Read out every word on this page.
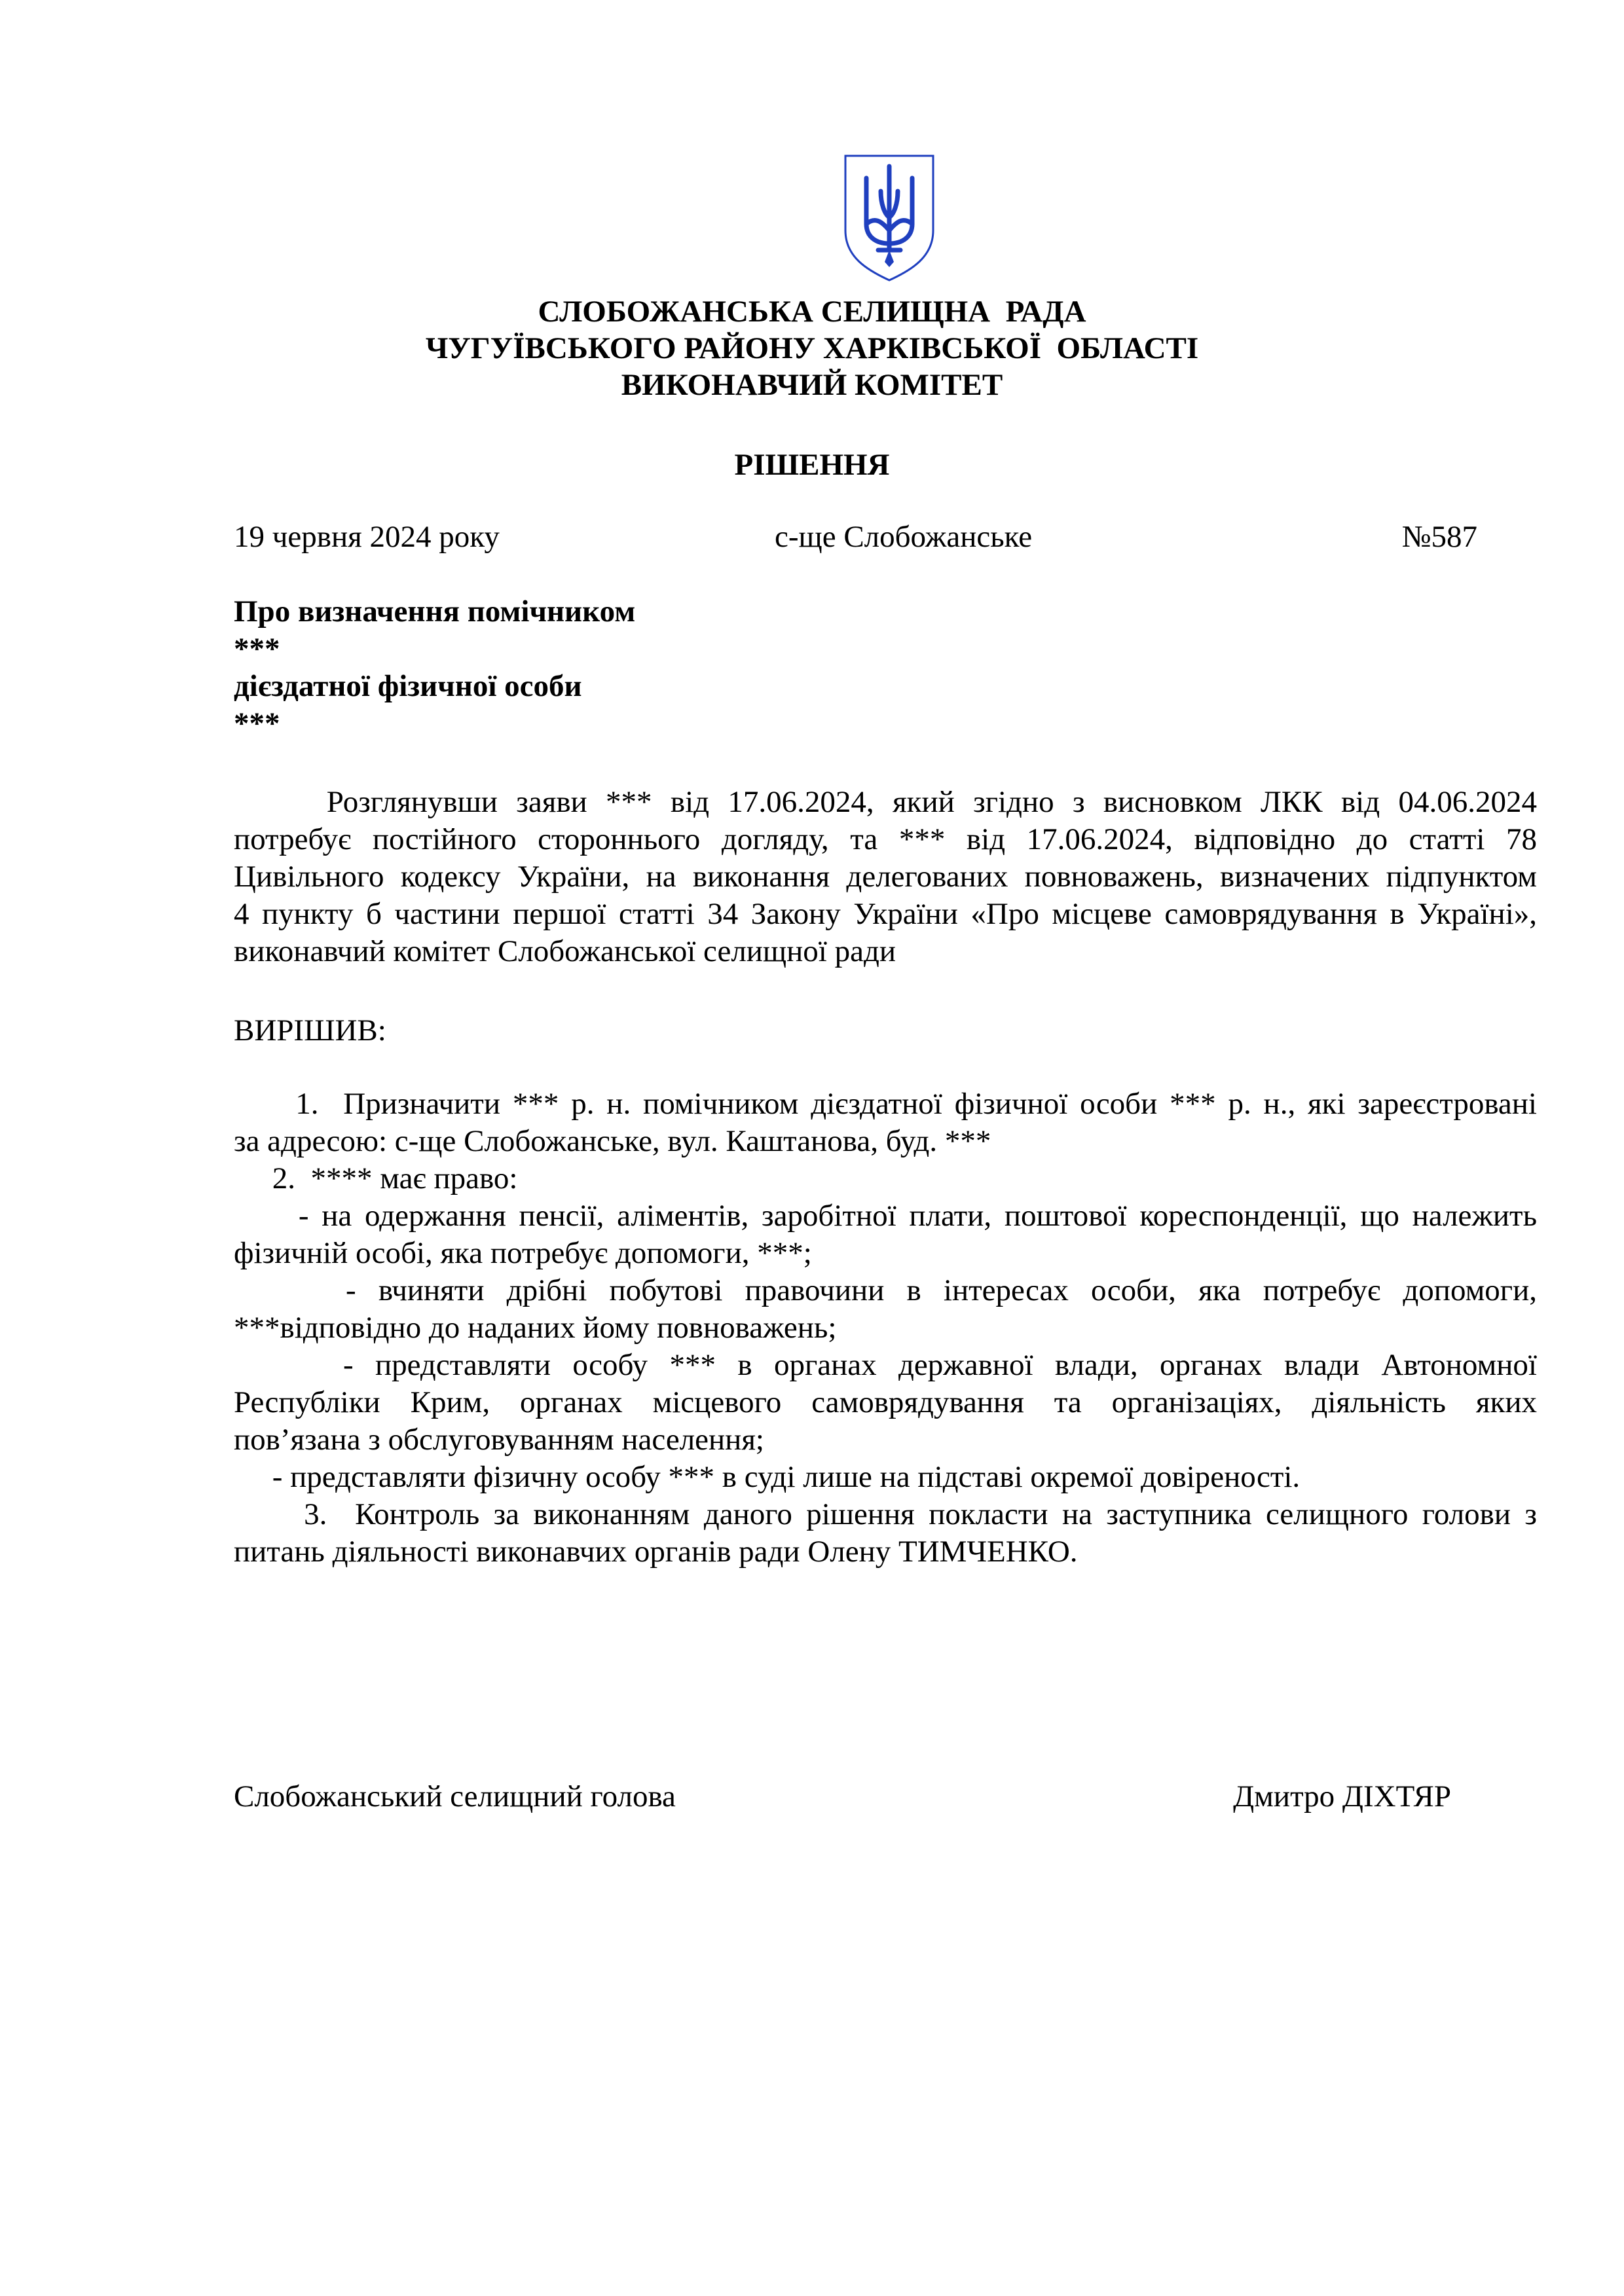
СЛОБОЖАНСЬКА СЕЛИЩНА  РАДА
ЧУГУЇВСЬКОГО РАЙОНУ ХАРКІВСЬКОЇ  ОБЛАСТІ
ВИКОНАВЧИЙ КОМІТЕТ
РІШЕННЯ
19 червня 2024 року	с-ще Слобожанське	№587
Про визначення помічником
***
дієздатної фізичної особи
***
Розглянувши заяви *** від 17.06.2024, який згідно з висновком ЛКК від 04.06.2024
потребує постійного стороннього догляду, та *** від 17.06.2024, відповідно до статті 78
Цивільного кодексу України, на виконання делегованих повноважень, визначених підпунктом
4 пункту б частини першої статті 34 Закону України «Про місцеве самоврядування в Україні»,
виконавчий комітет Слобожанської селищної ради
ВИРІШИВ:
1.  Призначити *** р. н. помічником дієздатної фізичної особи *** р. н., які зареєстровані
за адресою: с-ще Слобожанське, вул. Каштанова, буд. ***
2.  **** має право:
- на одержання пенсії, аліментів, заробітної плати, поштової кореспонденції, що належить
фізичній особі, яка потребує допомоги, ***;
- вчиняти дрібні побутові правочини в інтересах особи, яка потребує допомоги,
***відповідно до наданих йому повноважень;
- представляти особу *** в органах державної влади, органах влади Автономної
Республіки Крим, органах місцевого самоврядування та організаціях, діяльність яких
пов’язана з обслуговуванням населення;
- представляти фізичну особу *** в суді лише на підставі окремої довіреності.
3.  Контроль за виконанням даного рішення покласти на заступника селищного голови з
питань діяльності виконавчих органів ради Олену ТИМЧЕНКО.
Слобожанський селищний голова	Дмитро ДІХТЯР
